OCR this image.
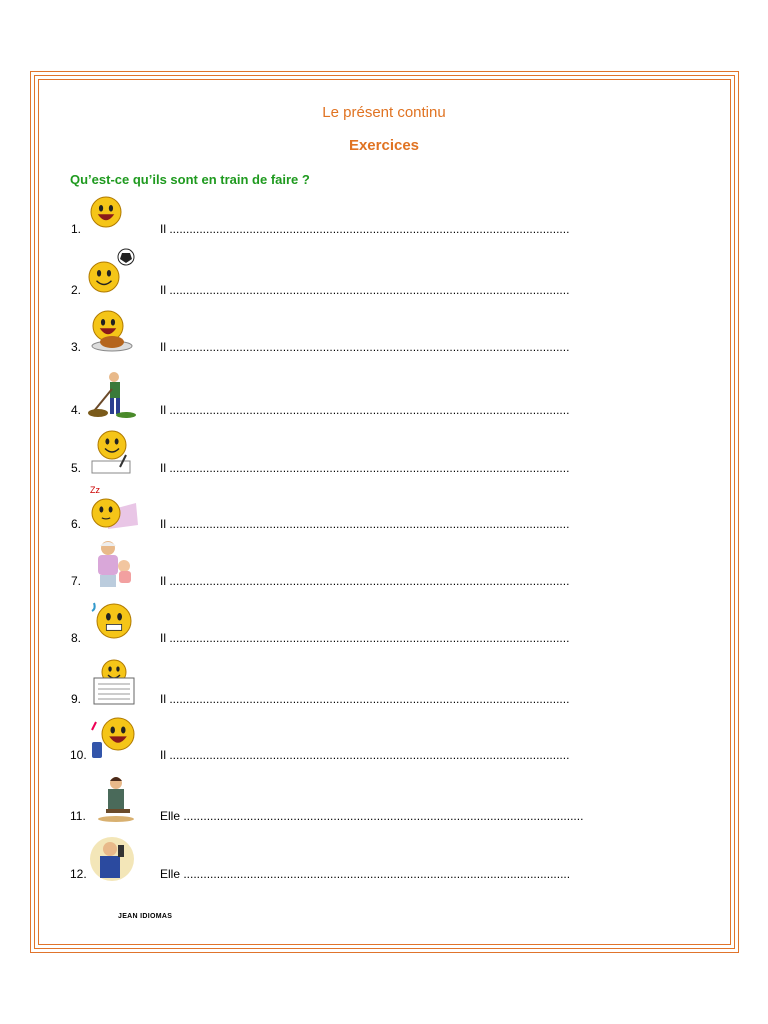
Le présent continu
Exercices
Qu’est-ce qu’ils sont en train de faire ?
1.	Il ........................................................................................................................
2.	Il ........................................................................................................................
3.	Il ........................................................................................................................
4.	Il ........................................................................................................................
5.	Il ........................................................................................................................
Zz
6.	Il ........................................................................................................................
7.	Il ........................................................................................................................
8.	Il ........................................................................................................................
9.	Il ........................................................................................................................
10.	Il ........................................................................................................................
11.	Elle ........................................................................................................................
12.	Elle ....................................................................................................................
JEAN IDIOMAS
